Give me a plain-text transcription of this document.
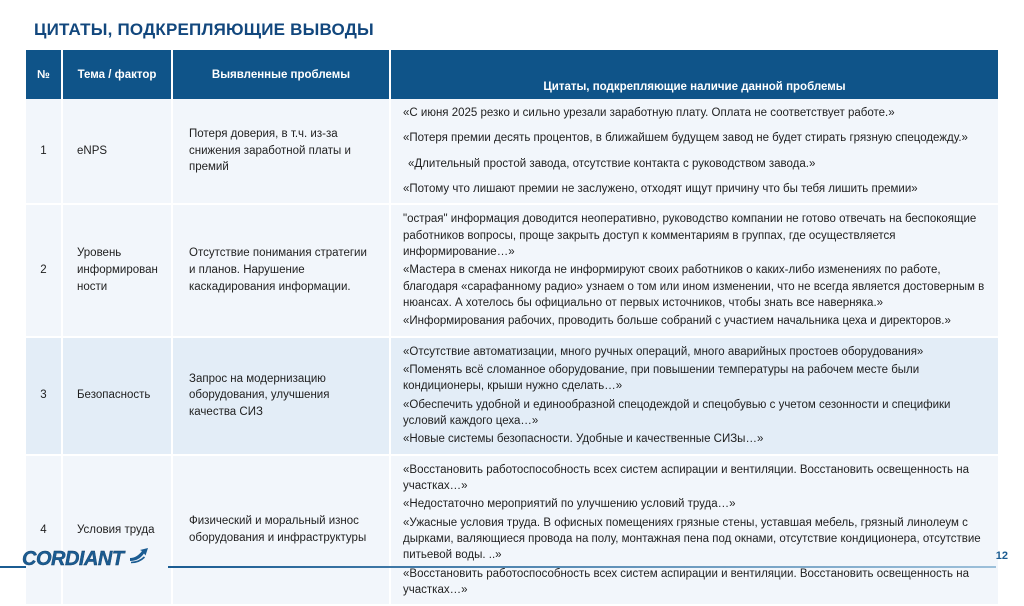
ЦИТАТЫ, ПОДКРЕПЛЯЮЩИЕ ВЫВОДЫ
№	Тема / фактор	Выявленные проблемы	Цитаты, подкрепляющие наличие данной проблемы
1	eNPS	Потеря доверия, в т.ч. из-за снижения заработной платы и премий	«С июня 2025 резко и сильно урезали заработную плату. Оплата не соответствует работе.»

«Потеря премии десять процентов, в ближайшем будущем завод не будет стирать грязную спецодежду.»

«Длительный простой завода, отсутствие контакта с руководством завода.»

«Потому что лишают премии не заслужено, отходят ищут причину что бы тебя лишить премии»

2	Уровень информирован ности	Отсутствие понимания стратегии и планов. Нарушение каскадирования информации.	"острая" информация доводится неоперативно, руководство компании не готово отвечать на беспокоящие работников вопросы, проще закрыть доступ к комментариям в группах, где осуществляется информирование…»

«Мастера в сменах никогда не информируют своих работников о каких-либо изменениях по работе, благодаря «сарафанному радио» узнаем о том или ином изменении, что не всегда является достоверным в нюансах. А хотелось бы официально от первых источников, чтобы знать все наверняка.»

«Информирования рабочих, проводить больше собраний с участием начальника цеха и директоров.»

3	Безопасность	Запрос на модернизацию оборудования, улучшения качества СИЗ	«Отсутствие автоматизации, много ручных операций, много аварийных простоев оборудования»

«Поменять всё сломанное оборудование, при повышении температуры на рабочем месте были кондиционеры, крыши нужно сделать…»

«Обеспечить удобной и единообразной спецодеждой и спецобувью с учетом сезонности и специфики условий каждого цеха…»

«Новые системы безопасности. Удобные и качественные СИЗы…»

4	Условия труда	Физический и моральный износ оборудования и инфраструктуры	«Восстановить работоспособность всех систем аспирации и вентиляции. Восстановить освещенность на участках…»

«Недостаточно мероприятий по улучшению условий труда…»

«Ужасные условия труда. В офисных помещениях грязные стены, уставшая мебель, грязный линолеум с дырками, валяющиеся провода на полу, монтажная пена под окнами, отсутствие кондиционера, отсутствие питьевой воды. ..»

«Восстановить работоспособность всех систем аспирации и вентиляции. Восстановить освещенность на участках…»

CORDIANT	12
